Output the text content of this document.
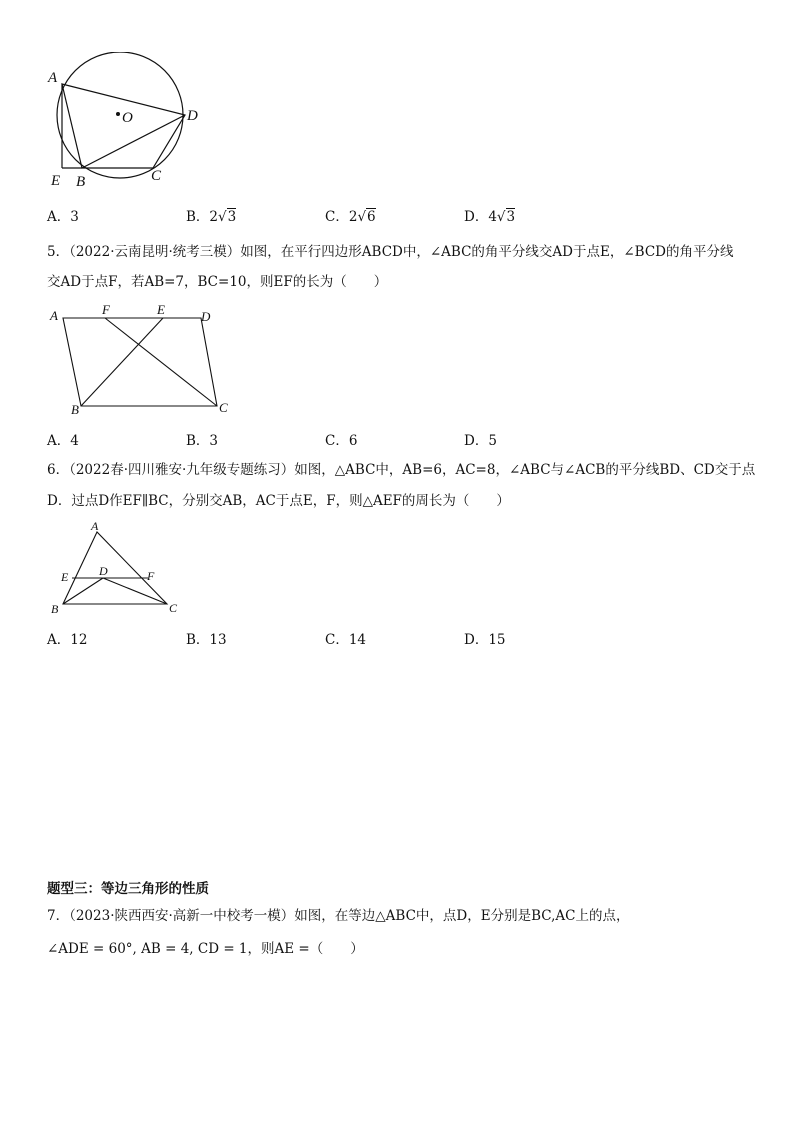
A
O	D
E B	C
A．3	B．2√3	C．2√6	D．4√3
5．（2022·云南昆明·统考三模）如图，在平行四边形ABCD中，∠ABC的角平分线交AD于点E，∠BCD的角平分线
交AD于点F，若AB=7，BC=10，则EF的长为（　　）
A	F	E	D
B	C
A．4	B．3	C．6	D．5
6．（2022春·四川雅安·九年级专题练习）如图，△ABC中，AB=6，AC=8，∠ABC与∠ACB的平分线BD、CD交于点
D．过点D作EF∥BC，分别交AB，AC于点E，F，则△AEF的周长为（　　）
A
E	D	F
B	C
A．12	B．13	C．14	D．15
题型三：等边三角形的性质
7．（2023·陕西西安·高新一中校考一模）如图，在等边△ABC中，点D，E分别是BC,AC上的点，
∠ADE = 60°, AB = 4, CD = 1，则AE =（　　）
